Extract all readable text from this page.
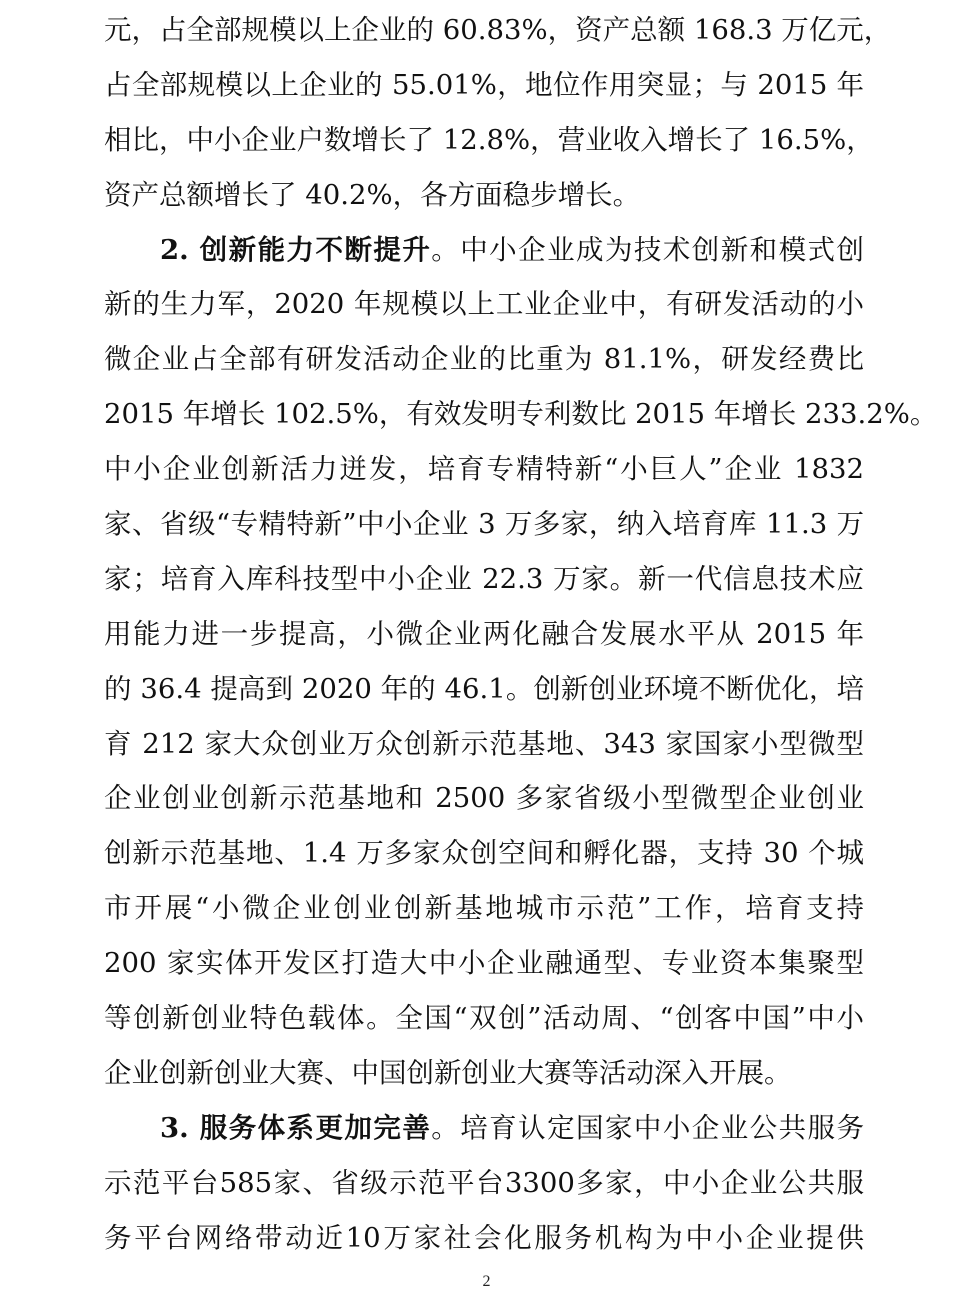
元，占全部规模以上企业的 60.83%，资产总额 168.3 万亿元，
占全部规模以上企业的 55.01%，地位作用突显；与 2015 年
相比，中小企业户数增长了 12.8%，营业收入增长了 16.5%，
资产总额增长了 40.2%，各方面稳步增长。
2. 创新能力不断提升。中小企业成为技术创新和模式创
新的生力军，2020 年规模以上工业企业中，有研发活动的小
微企业占全部有研发活动企业的比重为 81.1%，研发经费比
2015 年增长 102.5%，有效发明专利数比 2015 年增长 233.2%。
中小企业创新活力迸发，培育专精特新“小巨人”企业 1832
家、省级“专精特新”中小企业 3 万多家，纳入培育库 11.3 万
家；培育入库科技型中小企业 22.3 万家。新一代信息技术应
用能力进一步提高，小微企业两化融合发展水平从 2015 年
的 36.4 提高到 2020 年的 46.1。创新创业环境不断优化，培
育 212 家大众创业万众创新示范基地、343 家国家小型微型
企业创业创新示范基地和 2500 多家省级小型微型企业创业
创新示范基地、1.4 万多家众创空间和孵化器，支持 30 个城
市开展“小微企业创业创新基地城市示范”工作，培育支持
200 家实体开发区打造大中小企业融通型、专业资本集聚型
等创新创业特色载体。全国“双创”活动周、“创客中国”中小
企业创新创业大赛、中国创新创业大赛等活动深入开展。
3. 服务体系更加完善。培育认定国家中小企业公共服务
示范平台585家、省级示范平台3300多家，中小企业公共服
务平台网络带动近10万家社会化服务机构为中小企业提供
2
